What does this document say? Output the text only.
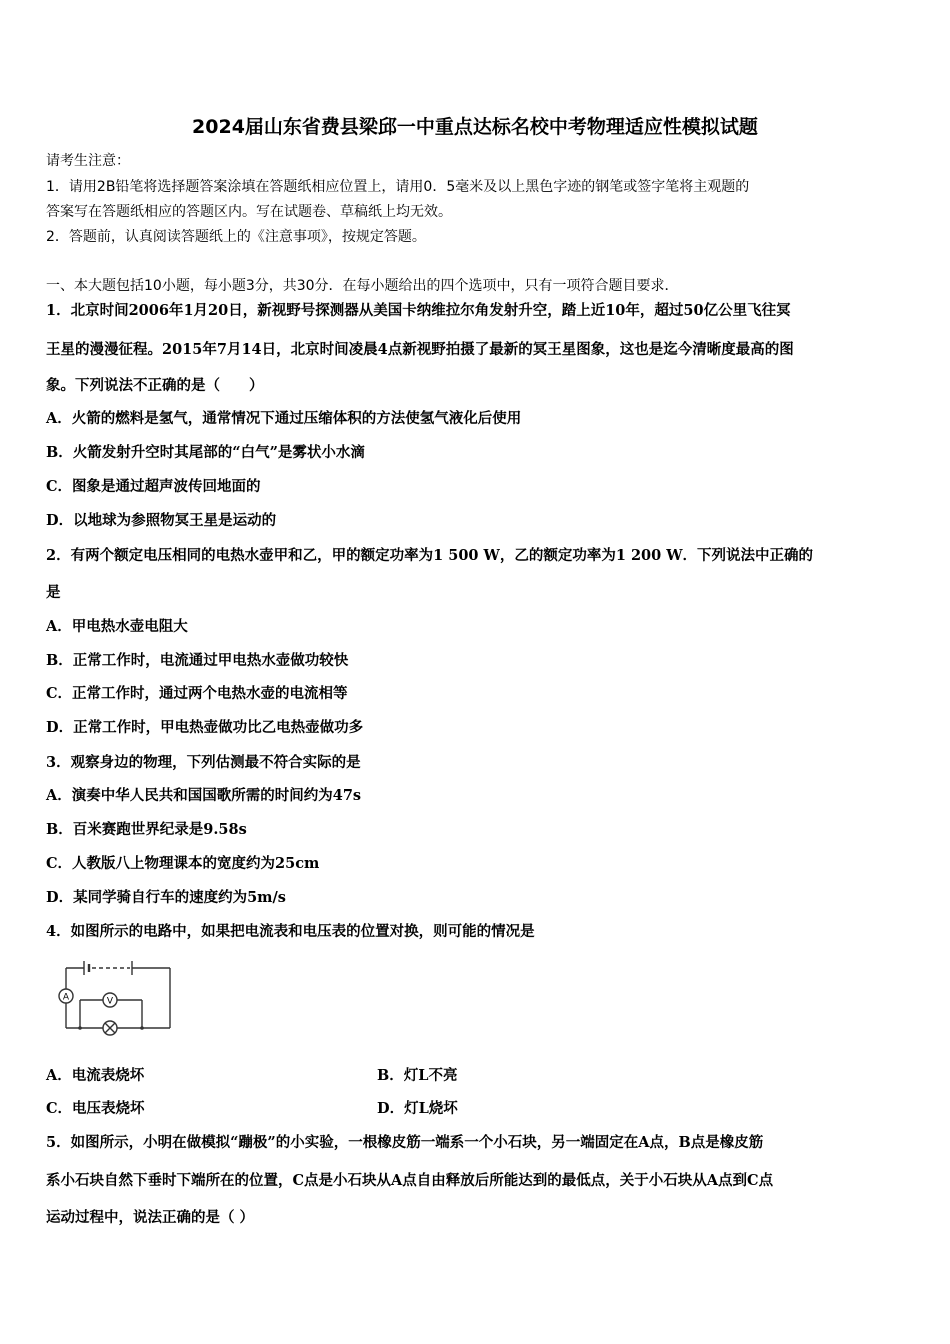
2024届山东省费县梁邱一中重点达标名校中考物理适应性模拟试题
请考生注意：
1．请用2B铅笔将选择题答案涂填在答题纸相应位置上，请用0．5毫米及以上黑色字迹的钢笔或签字笔将主观题的
答案写在答题纸相应的答题区内。写在试题卷、草稿纸上均无效。
2．答题前，认真阅读答题纸上的《注意事项》，按规定答题。
一、本大题包括10小题，每小题3分，共30分．在每小题给出的四个选项中，只有一项符合题目要求．
1．北京时间2006年1月20日，新视野号探测器从美国卡纳维拉尔角发射升空，踏上近10年，超过50亿公里飞往冥
王星的漫漫征程。2015年7月14日，北京时间凌晨4点新视野拍摄了最新的冥王星图象，这也是迄今清晰度最高的图
象。下列说法不正确的是（　　）
A．火箭的燃料是氢气，通常情况下通过压缩体积的方法使氢气液化后使用
B．火箭发射升空时其尾部的“白气”是雾状小水滴
C．图象是通过超声波传回地面的
D．以地球为参照物冥王星是运动的
2．有两个额定电压相同的电热水壶甲和乙，甲的额定功率为1 500 W，乙的额定功率为1 200 W．下列说法中正确的
是
A．甲电热水壶电阻大
B．正常工作时，电流通过甲电热水壶做功较快
C．正常工作时，通过两个电热水壶的电流相等
D．正常工作时，甲电热壶做功比乙电热壶做功多
3．观察身边的物理，下列估测最不符合实际的是
A．演奏中华人民共和国国歌所需的时间约为47s
B．百米赛跑世界纪录是9.58s
C．人教版八上物理课本的宽度约为25cm
D．某同学骑自行车的速度约为5m/s
4．如图所示的电路中，如果把电流表和电压表的位置对换，则可能的情况是
A	V
A．电流表烧坏	B．灯L不亮
C．电压表烧坏	D．灯L烧坏
5．如图所示，小明在做模拟“蹦极”的小实验，一根橡皮筋一端系一个小石块，另一端固定在A点，B点是橡皮筋
系小石块自然下垂时下端所在的位置，C点是小石块从A点自由释放后所能达到的最低点，关于小石块从A点到C点
运动过程中，说法正确的是（ ）
